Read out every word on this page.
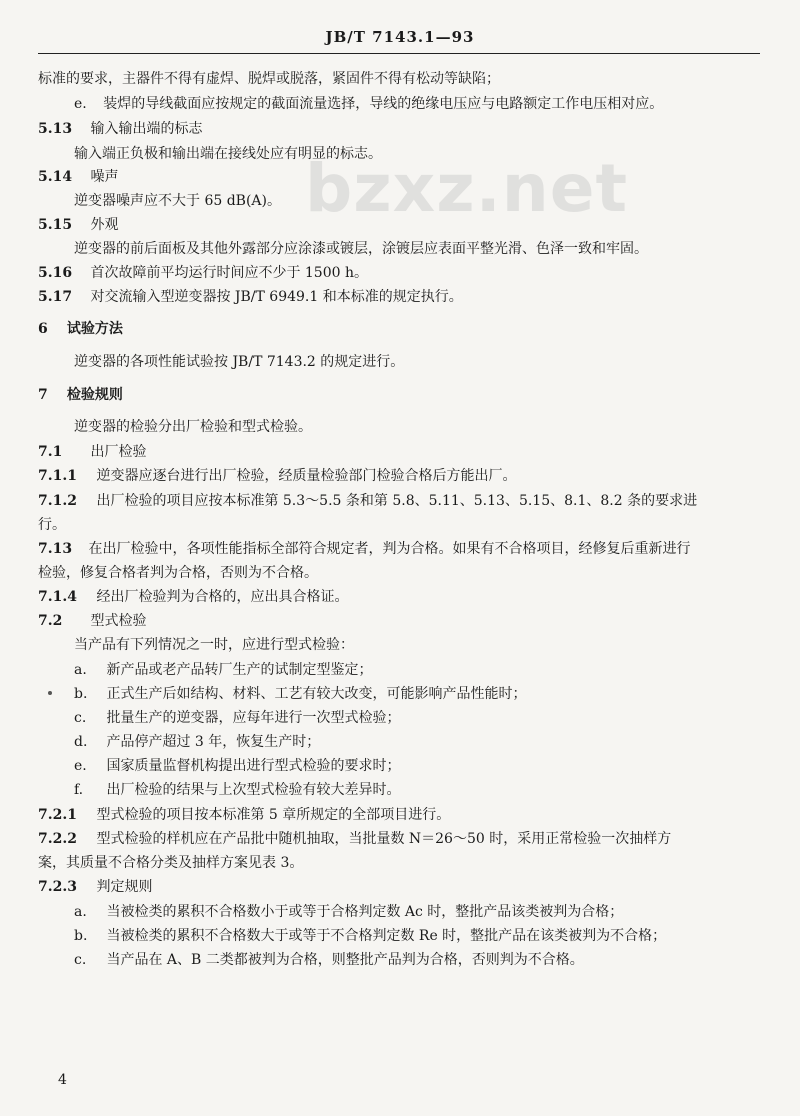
JB/T 7143.1—93
bzxz.net
标准的要求，主器件不得有虚焊、脱焊或脱落，紧固件不得有松动等缺陷；
e. 装焊的导线截面应按规定的截面流量选择，导线的绝缘电压应与电路额定工作电压相对应。
5.13 输入输出端的标志
输入端正负极和输出端在接线处应有明显的标志。
5.14 噪声
逆变器噪声应不大于 65 dB(A)。
5.15 外观
逆变器的前后面板及其他外露部分应涂漆或镀层，涂镀层应表面平整光滑、色泽一致和牢固。
5.16 首次故障前平均运行时间应不少于 1500 h。
5.17 对交流输入型逆变器按 JB/T 6949.1 和本标准的规定执行。
6 试验方法
逆变器的各项性能试验按 JB/T 7143.2 的规定进行。
7 检验规则
逆变器的检验分出厂检验和型式检验。
7.1 出厂检验
7.1.1 逆变器应逐台进行出厂检验，经质量检验部门检验合格后方能出厂。
7.1.2 出厂检验的项目应按本标准第 5.3～5.5 条和第 5.8、5.11、5.13、5.15、8.1、8.2 条的要求进
行。
7.13 在出厂检验中，各项性能指标全部符合规定者，判为合格。如果有不合格项目，经修复后重新进行
检验，修复合格者判为合格，否则为不合格。
7.1.4 经出厂检验判为合格的，应出具合格证。
7.2 型式检验
当产品有下列情况之一时，应进行型式检验：
a. 新产品或老产品转厂生产的试制定型鉴定；
b. 正式生产后如结构、材料、工艺有较大改变，可能影响产品性能时；
c. 批量生产的逆变器，应每年进行一次型式检验；
d. 产品停产超过 3 年，恢复生产时；
e. 国家质量监督机构提出进行型式检验的要求时；
f. 出厂检验的结果与上次型式检验有较大差异时。
7.2.1 型式检验的项目按本标准第 5 章所规定的全部项目进行。
7.2.2 型式检验的样机应在产品批中随机抽取，当批量数 N＝26～50 时，采用正常检验一次抽样方
案，其质量不合格分类及抽样方案见表 3。
7.2.3 判定规则
a. 当被检类的累积不合格数小于或等于合格判定数 Ac 时，整批产品该类被判为合格；
b. 当被检类的累积不合格数大于或等于不合格判定数 Re 时，整批产品在该类被判为不合格；
c. 当产品在 A、B 二类都被判为合格，则整批产品判为合格，否则判为不合格。
4
